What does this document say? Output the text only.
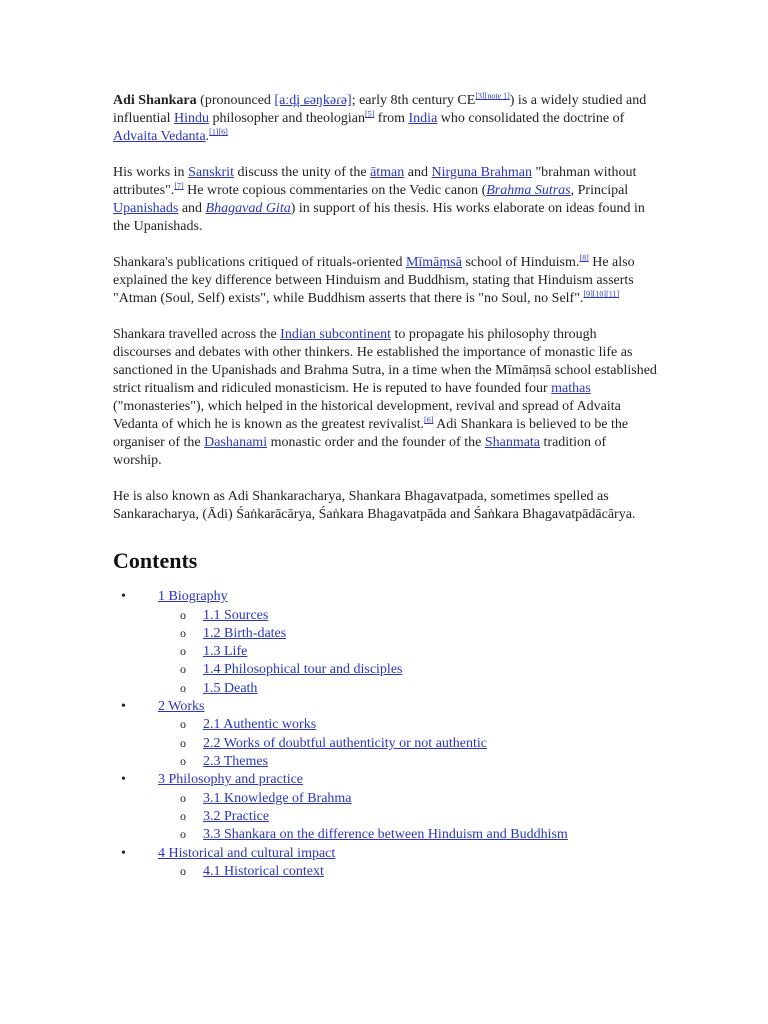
Adi Shankara (pronounced [aːd̪i ɕəŋkəɾə]; early 8th century CE[3][note 1]) is a widely studied and influential Hindu philosopher and theologian[5] from India who consolidated the doctrine of Advaita Vedanta.[1][6]

His works in Sanskrit discuss the unity of the ātman and Nirguna Brahman "brahman without attributes".[7] He wrote copious commentaries on the Vedic canon (Brahma Sutras, Principal Upanishads and Bhagavad Gita) in support of his thesis. His works elaborate on ideas found in the Upanishads.

Shankara's publications critiqued of rituals-oriented Mīmāṃsā school of Hinduism.[8] He also explained the key difference between Hinduism and Buddhism, stating that Hinduism asserts "Atman (Soul, Self) exists", while Buddhism asserts that there is "no Soul, no Self".[9][10][11]

Shankara travelled across the Indian subcontinent to propagate his philosophy through discourses and debates with other thinkers. He established the importance of monastic life as sanctioned in the Upanishads and Brahma Sutra, in a time when the Mīmāṃsā school established strict ritualism and ridiculed monasticism. He is reputed to have founded four mathas ("monasteries"), which helped in the historical development, revival and spread of Advaita Vedanta of which he is known as the greatest revivalist.[6] Adi Shankara is believed to be the organiser of the Dashanami monastic order and the founder of the Shanmata tradition of worship.

He is also known as Adi Shankaracharya, Shankara Bhagavatpada, sometimes spelled as Sankaracharya, (Ādi) Śaṅkarācārya, Śaṅkara Bhagavatpāda and Śaṅkara Bhagavatpādācārya.

Contents
• 1 Biography
o 1.1 Sources
o 1.2 Birth-dates
o 1.3 Life
o 1.4 Philosophical tour and disciples
o 1.5 Death
• 2 Works
o 2.1 Authentic works
o 2.2 Works of doubtful authenticity or not authentic
o 2.3 Themes
• 3 Philosophy and practice
o 3.1 Knowledge of Brahma
o 3.2 Practice
o 3.3 Shankara on the difference between Hinduism and Buddhism
• 4 Historical and cultural impact
o 4.1 Historical context
